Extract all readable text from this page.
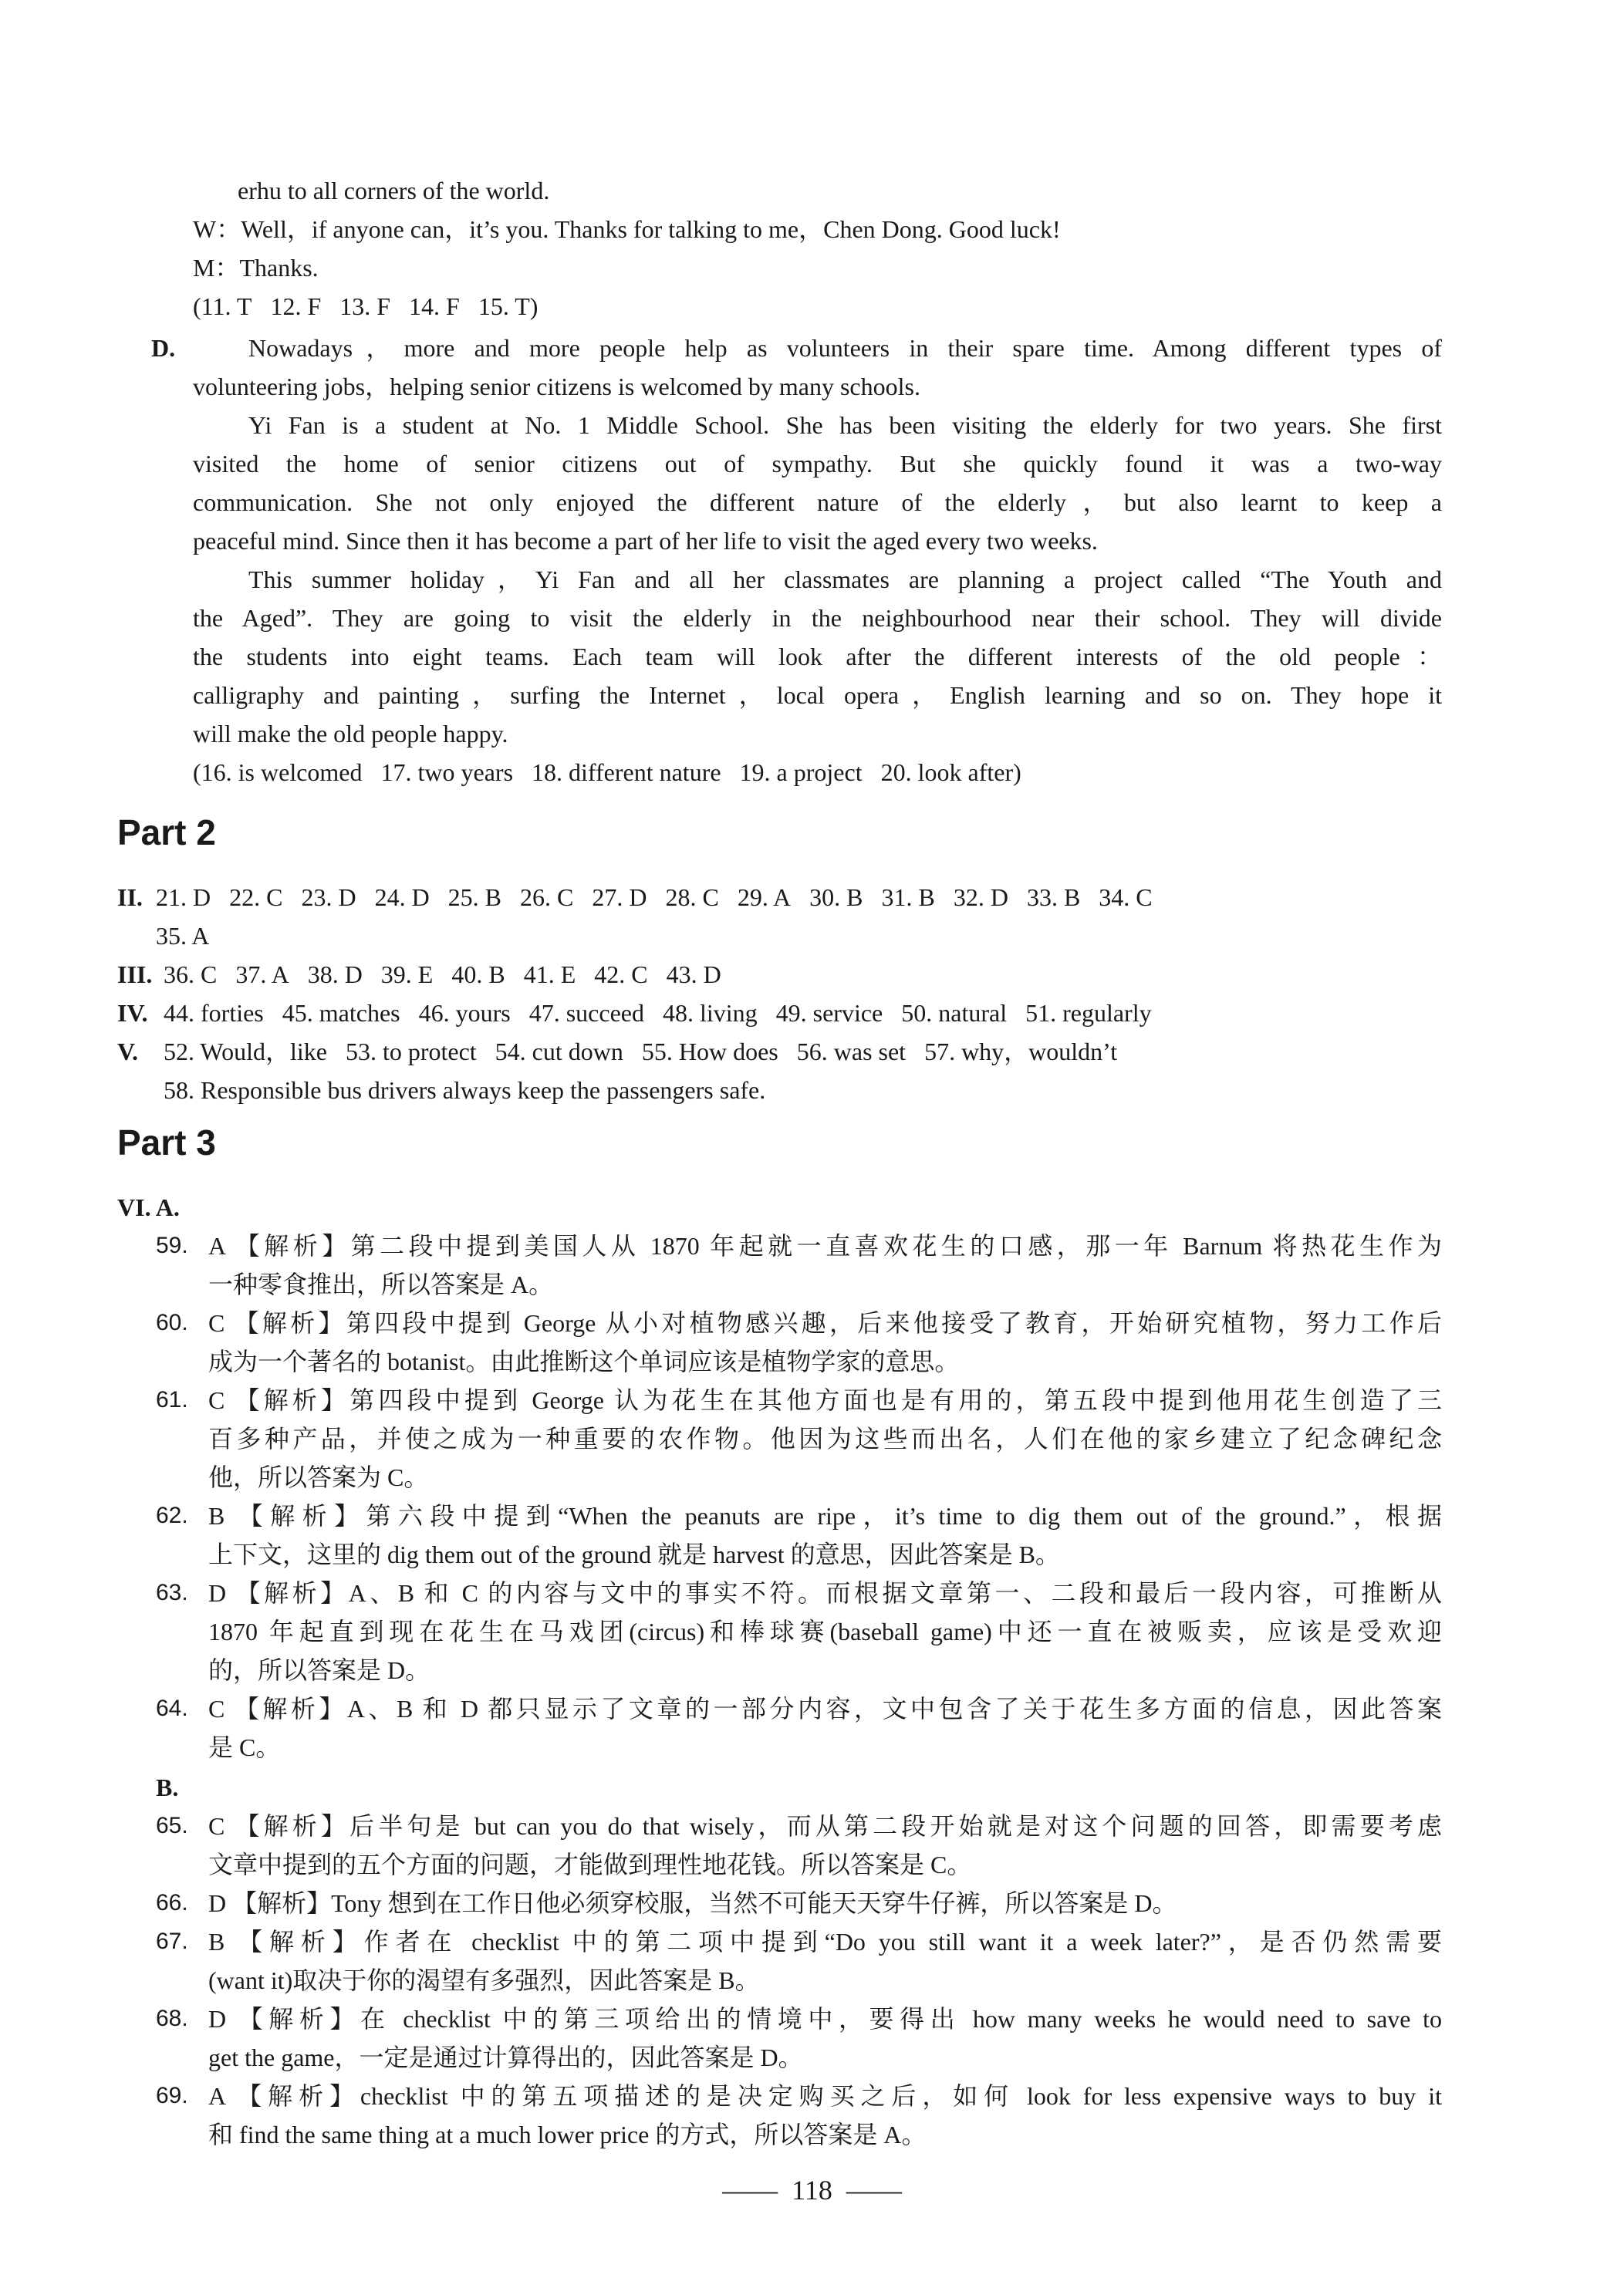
erhu to all corners of the world.
W：Well，if anyone can，it’s you. Thanks for talking to me，Chen Dong. Good luck!
M：Thanks.
(11. T   12. F   13. F   14. F   15. T)
D.	Nowadays，more and more people help as volunteers in their spare time. Among different types of
volunteering jobs，helping senior citizens is welcomed by many schools.
Yi Fan is a student at No. 1 Middle School. She has been visiting the elderly for two years. She first
visited the home of senior citizens out of sympathy. But she quickly found it was a two-way
communication. She not only enjoyed the different nature of the elderly，but also learnt to keep a
peaceful mind. Since then it has become a part of her life to visit the aged every two weeks.
This summer holiday，Yi Fan and all her classmates are planning a project called “The Youth and
the Aged”. They are going to visit the elderly in the neighbourhood near their school. They will divide
the students into eight teams. Each team will look after the different interests of the old people：
calligraphy and painting，surfing the Internet，local opera，English learning and so on. They hope it
will make the old people happy.
(16. is welcomed   17. two years   18. different nature   19. a project   20. look after)
Part 2
II. 21. D   22. C   23. D   24. D   25. B   26. C   27. D   28. C   29. A   30. B   31. B   32. D   33. B   34. C
35. A
III. 36. C   37. A   38. D   39. E   40. B   41. E   42. C   43. D
IV. 44. forties   45. matches   46. yours   47. succeed   48. living   49. service   50. natural   51. regularly
V. 52. Would，like   53. to protect   54. cut down   55. How does   56. was set   57. why，wouldn’t
58. Responsible bus drivers always keep the passengers safe.
Part 3
VI. A.
59. A 【解析】第二段中提到美国人从 1870 年起就一直喜欢花生的口感，那一年 Barnum 将热花生作为
一种零食推出，所以答案是 A。
60. C 【解析】第四段中提到 George 从小对植物感兴趣，后来他接受了教育，开始研究植物，努力工作后
成为一个著名的 botanist。由此推断这个单词应该是植物学家的意思。
61. C 【解析】第四段中提到 George 认为花生在其他方面也是有用的，第五段中提到他用花生创造了三
百多种产品，并使之成为一种重要的农作物。他因为这些而出名，人们在他的家乡建立了纪念碑纪念
他，所以答案为 C。
62. B 【解析】第六段中提到“When the peanuts are ripe，it’s time to dig them out of the ground.”，根据
上下文，这里的 dig them out of the ground 就是 harvest 的意思，因此答案是 B。
63. D 【解析】A、B 和 C 的内容与文中的事实不符。而根据文章第一、二段和最后一段内容，可推断从
1870 年起直到现在花生在马戏团(circus)和棒球赛(baseball game)中还一直在被贩卖，应该是受欢迎
的，所以答案是 D。
64. C 【解析】A、B 和 D 都只显示了文章的一部分内容，文中包含了关于花生多方面的信息，因此答案
是 C。
B.
65. C 【解析】后半句是 but can you do that wisely，而从第二段开始就是对这个问题的回答，即需要考虑
文章中提到的五个方面的问题，才能做到理性地花钱。所以答案是 C。
66. D 【解析】Tony 想到在工作日他必须穿校服，当然不可能天天穿牛仔裤，所以答案是 D。
67. B 【解析】作者在 checklist 中的第二项中提到“Do you still want it a week later?”，是否仍然需要
(want it)取决于你的渴望有多强烈，因此答案是 B。
68. D 【解析】在 checklist 中的第三项给出的情境中，要得出 how many weeks he would need to save to
get the game，一定是通过计算得出的，因此答案是 D。
69. A 【解析】checklist 中的第五项描述的是决定购买之后，如何 look for less expensive ways to buy it
和 find the same thing at a much lower price 的方式，所以答案是 A。
——  118  ——
